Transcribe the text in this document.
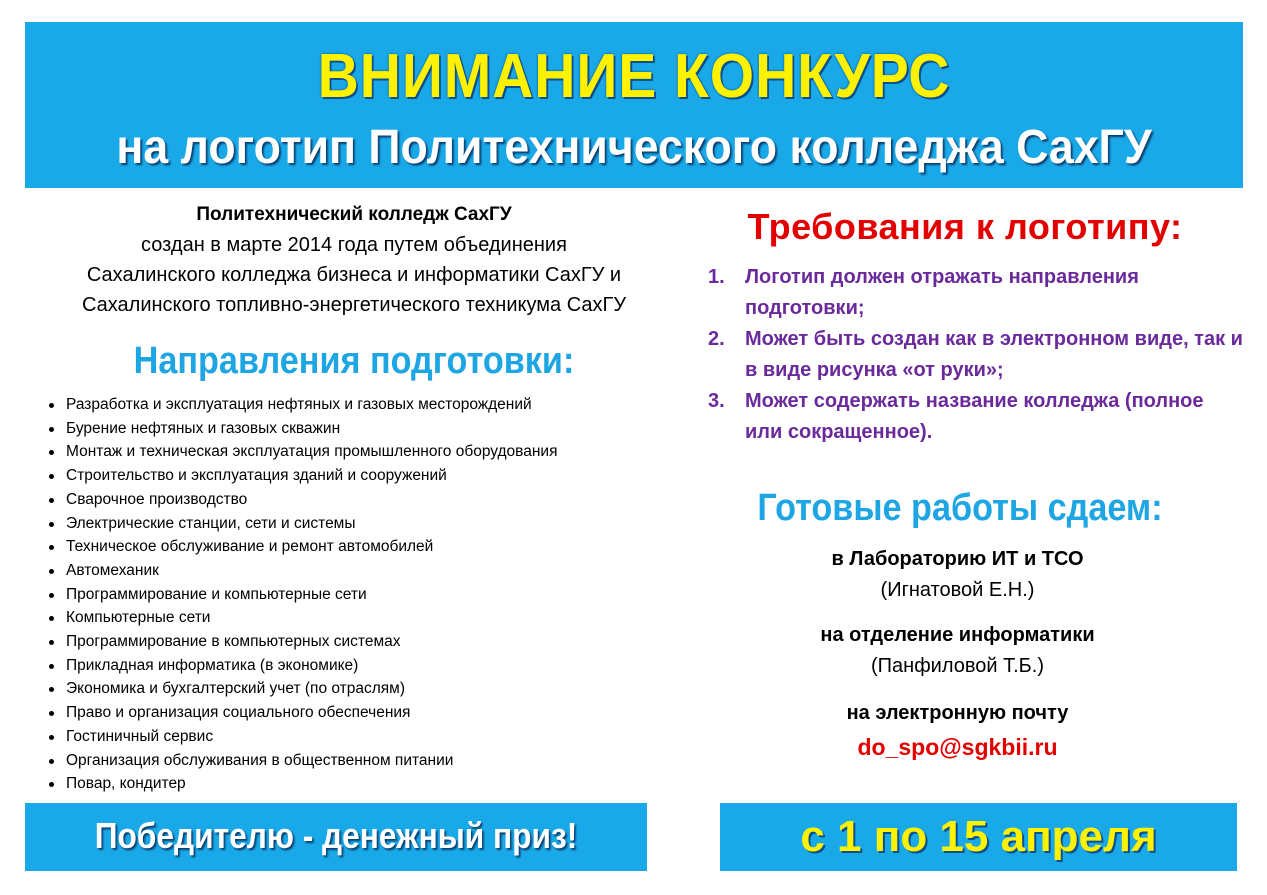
ВНИМАНИЕ КОНКУРС
на логотип Политехнического колледжа СахГУ
Политехнический колледж СахГУ
создан в марте 2014 года путем объединения
Сахалинского колледжа бизнеса и информатики СахГУ и
Сахалинского топливно-энергетического техникума СахГУ
Направления подготовки:
Разработка и эксплуатация нефтяных и газовых месторождений
Бурение нефтяных и газовых скважин
Монтаж и техническая эксплуатация промышленного оборудования
Строительство и эксплуатация зданий и сооружений
Сварочное производство
Электрические станции, сети и системы
Техническое обслуживание и ремонт автомобилей
Автомеханик
Программирование и компьютерные сети
Компьютерные сети
Программирование в компьютерных системах
Прикладная информатика (в экономике)
Экономика и бухгалтерский учет (по отраслям)
Право и организация социального обеспечения
Гостиничный сервис
Организация обслуживания в общественном питании
Повар, кондитер
Требования к логотипу:
1. Логотип должен отражать направления подготовки;
2. Может быть создан как в электронном виде, так и в виде рисунка «от руки»;
3. Может содержать название колледжа (полное или сокращенное).
Готовые работы сдаем:
в Лабораторию ИТ и ТСО
(Игнатовой Е.Н.)
на отделение информатики
(Панфиловой Т.Б.)
на электронную почту
do_spo@sgkbii.ru
Победителю - денежный приз!	с 1 по 15 апреля
